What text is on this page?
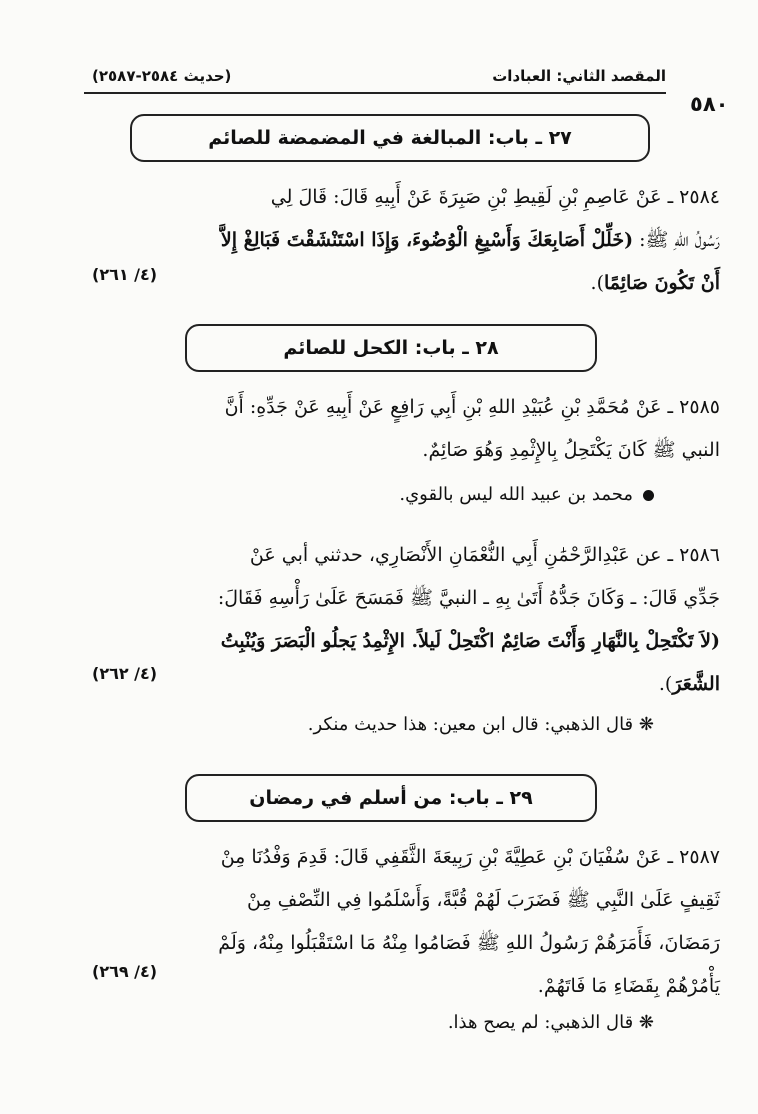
المقصد الثاني: العبادات
(حديث ٢٥٨٤-٢٥٨٧)
٥٨٠
٢٧ ـ باب: المبالغة في المضمضة للصائم
٢٥٨٤ ـ عَنْ عَاصِمِ بْنِ لَقِيطِ بْنِ صَبِرَةَ عَنْ أَبِيهِ قَالَ: قَالَ لِي
رَسُولُ اللهِ ﷺ: (خَلِّلْ أَصَابِعَكَ وَأَسْبِغِ الْوُضُوءَ، وَإِذَا اسْتَنْشَقْتَ فَبَالِغْ إِلاَّ
أَنْ تَكُونَ صَائِمًا).
(٤/ ٢٦١)
٢٨ ـ باب: الكحل للصائم
٢٥٨٥ ـ عَنْ مُحَمَّدِ بْنِ عُبَيْدِ اللهِ بْنِ أَبِي رَافِعٍ عَنْ أَبِيهِ عَنْ جَدِّهِ: أَنَّ
النبي ﷺ كَانَ يَكْتَحِلُ بِالإِثْمِدِ وَهُوَ صَائِمٌ.
محمد بن عبيد الله ليس بالقوي.
٢٥٨٦ ـ عن عَبْدِالرَّحْمَٰنِ أَبِي النُّعْمَانِ الأَنْصَارِي، حدثني أبي عَنْ
جَدِّي قَالَ: ـ وَكَانَ جَدُّهُ أَتَىٰ بِهِ ـ النبيَّ ﷺ فَمَسَحَ عَلَىٰ رَأْسِهِ فَقَالَ:
(لاَ تَكْتَحِلْ بِالنَّهَارِ وَأَنْتَ صَائِمٌ اكْتَحِلْ لَيلاً. الإِثْمِدُ يَجلُو الْبَصَرَ وَيُنْبِتُ
الشَّعَرَ).
(٤/ ٢٦٢)
❋ قال الذهبي: قال ابن معين: هذا حديث منكر.
٢٩ ـ باب: من أسلم في رمضان
٢٥٨٧ ـ عَنْ سُفْيَانَ بْنِ عَطِيَّةَ بْنِ رَبِيعَةَ الثَّقَفِي قَالَ: قَدِمَ وَفْدُنَا مِنْ
ثَقِيفٍ عَلَىٰ النَّبِي ﷺ فَضَرَبَ لَهُمْ قُبَّةً، وَأَسْلَمُوا فِي النِّصْفِ مِنْ
رَمَضَانَ، فَأَمَرَهُمْ رَسُولُ اللهِ ﷺ فَصَامُوا مِنْهُ مَا اسْتَقْبَلُوا مِنْهُ، وَلَمْ
يَأْمُرْهُمْ بِقَضَاءِ مَا فَاتَهُمْ.
(٤/ ٢٦٩)
❋ قال الذهبي: لم يصح هذا.
